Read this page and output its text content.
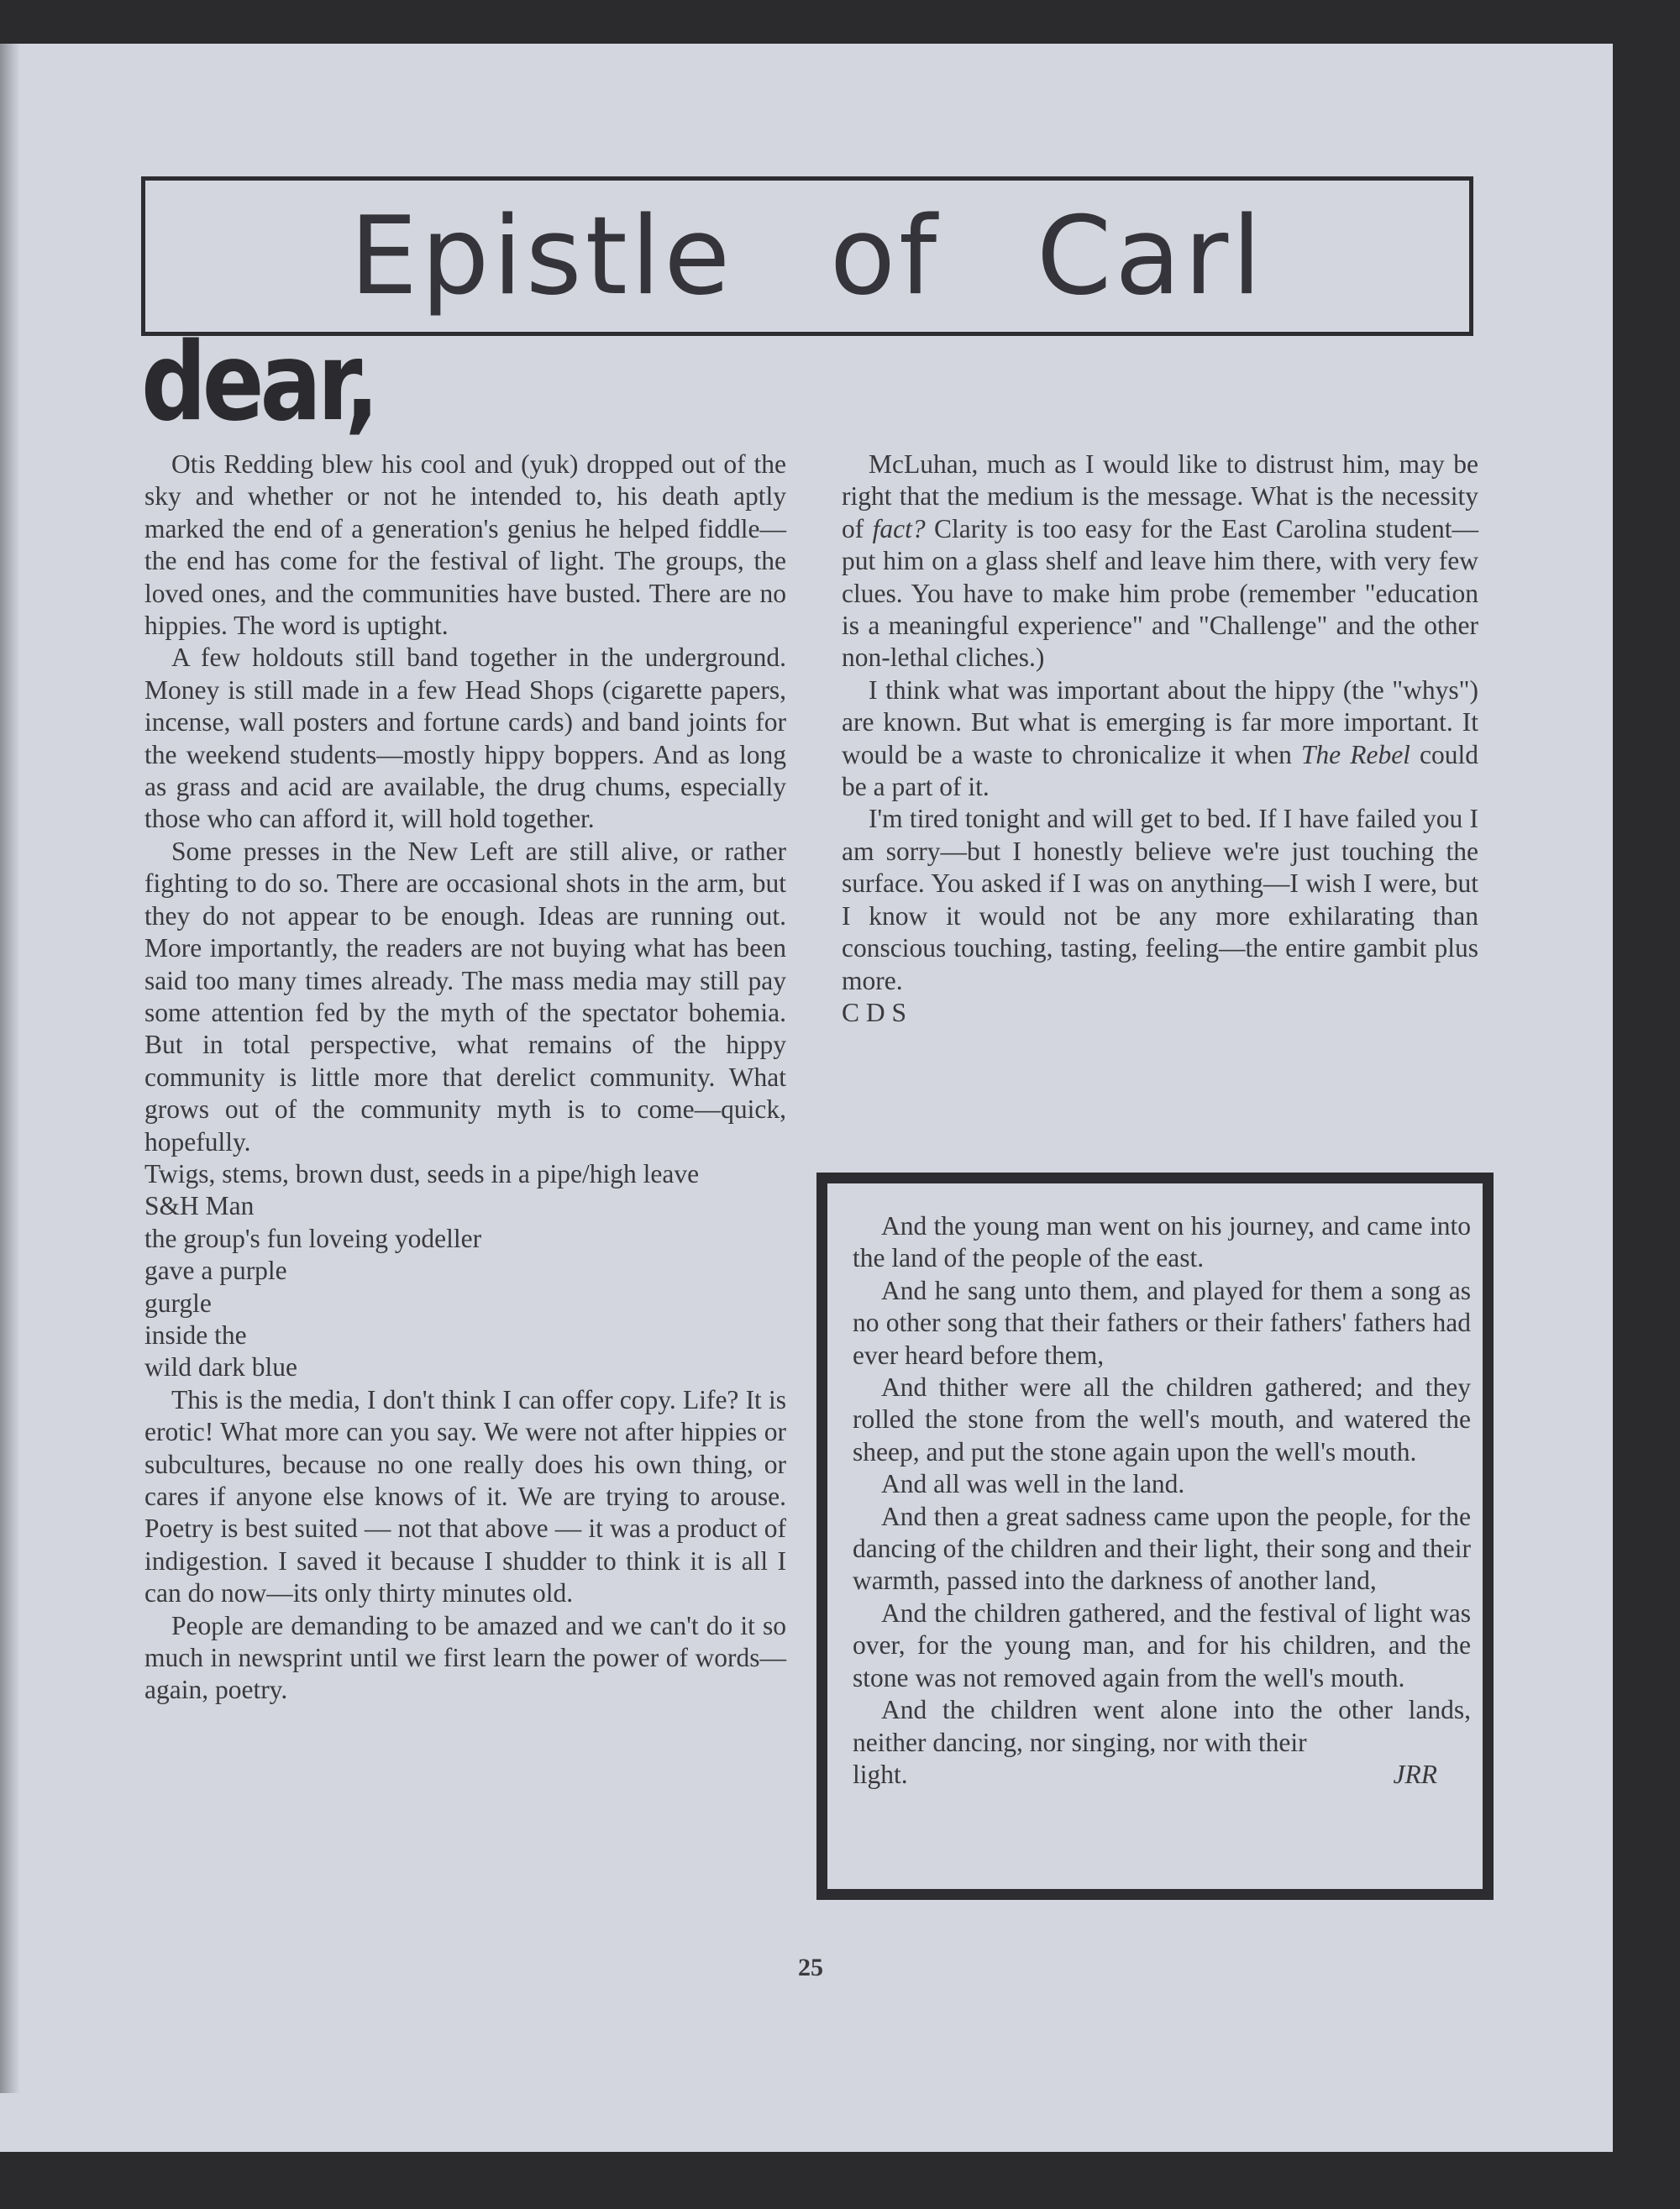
Epistle of Carl
dear,

Otis Redding blew his cool and (yuk) dropped out of the sky and whether or not he intended to, his death aptly marked the end of a generation's genius he helped fiddle—the end has come for the festival of light. The groups, the loved ones, and the communities have busted. There are no hippies. The word is uptight.

A few holdouts still band together in the underground. Money is still made in a few Head Shops (cigarette papers, incense, wall posters and fortune cards) and band joints for the weekend students—mostly hippy boppers. And as long as grass and acid are available, the drug chums, especially those who can afford it, will hold together.

Some presses in the New Left are still alive, or rather fighting to do so. There are occasional shots in the arm, but they do not appear to be enough. Ideas are running out. More importantly, the readers are not buying what has been said too many times already. The mass media may still pay some attention fed by the myth of the spectator bohemia. But in total perspective, what remains of the hippy community is little more that derelict community. What grows out of the community myth is to come—quick, hopefully.

Twigs, stems, brown dust, seeds in a pipe/high leave

S&H Man

the group's fun loveing yodeller

gave a purple

gurgle

inside the

wild dark blue

This is the media, I don't think I can offer copy. Life? It is erotic! What more can you say. We were not after hippies or subcultures, because no one really does his own thing, or cares if anyone else knows of it. We are trying to arouse. Poetry is best suited — not that above — it was a product of indigestion. I saved it because I shudder to think it is all I can do now—its only thirty minutes old.

People are demanding to be amazed and we can't do it so much in newsprint until we first learn the power of words—again, poetry.

McLuhan, much as I would like to distrust him, may be right that the medium is the message. What is the necessity of fact? Clarity is too easy for the East Carolina student—put him on a glass shelf and leave him there, with very few clues. You have to make him probe (remember "education is a meaningful experience" and "Challenge" and the other non-lethal cliches.)

I think what was important about the hippy (the "whys") are known. But what is emerging is far more important. It would be a waste to chronicalize it when The Rebel could be a part of it.

I'm tired tonight and will get to bed. If I have failed you I am sorry—but I honestly believe we're just touching the surface. You asked if I was on anything—I wish I were, but I know it would not be any more exhilarating than conscious touching, tasting, feeling—the entire gambit plus more.

C D S

And the young man went on his journey, and came into the land of the people of the east.

And he sang unto them, and played for them a song as no other song that their fathers or their fathers' fathers had ever heard before them,

And thither were all the children gathered; and they rolled the stone from the well's mouth, and watered the sheep, and put the stone again upon the well's mouth.

And all was well in the land.

And then a great sadness came upon the people, for the dancing of the children and their light, their song and their warmth, passed into the darkness of another land,

And the children gathered, and the festival of light was over, for the young man, and for his children, and the stone was not removed again from the well's mouth.

And the children went alone into the other lands, neither dancing, nor singing, nor with their

light.	JRR
25
